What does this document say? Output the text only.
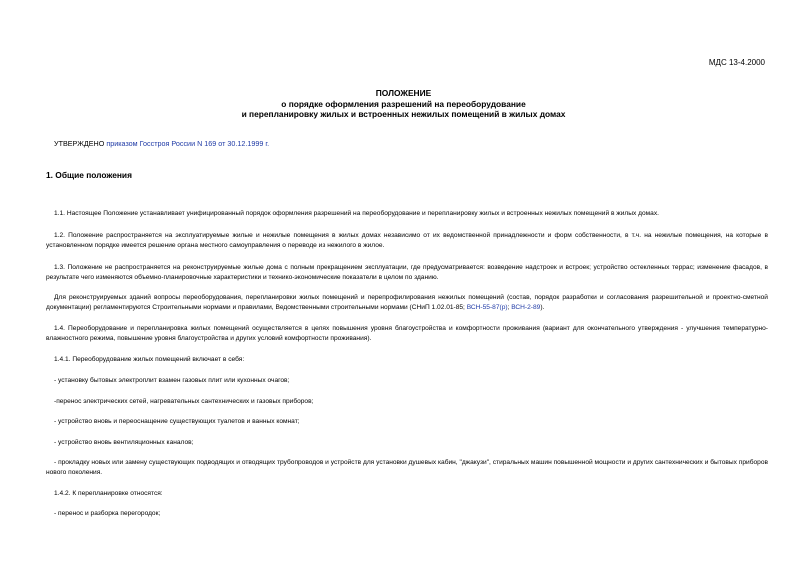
МДС 13-4.2000
ПОЛОЖЕНИЕ
о порядке оформления разрешений на переоборудование
и перепланировку жилых и встроенных нежилых помещений в жилых домах
УТВЕРЖДЕНО приказом Госстроя России N 169 от 30.12.1999 г.
1. Общие положения
1.1. Настоящее Положение устанавливает унифицированный порядок оформления разрешений на переоборудование и перепланировку жилых и встроенных нежилых помещений в жилых домах.
1.2. Положение распространяется на эксплуатируемые жилые и нежилые помещения в жилых домах независимо от их ведомственной принадлежности и форм собственности, в т.ч. на нежилые помещения, на которые в установленном порядке имеется решение органа местного самоуправления о переводе из нежилого в жилое.
1.3. Положение не распространяется на реконструируемые жилые дома с полным прекращением эксплуатации, где предусматривается: возведение надстроек и встроек; устройство остекленных террас; изменение фасадов, в результате чего изменяются объемно-планировочные характеристики и технико-экономические показатели в целом по зданию.
Для реконструируемых зданий вопросы переоборудования, перепланировки жилых помещений и перепрофилирования нежилых помещений (состав, порядок разработки и согласования разрешительной и проектно-сметной документации) регламентируются Строительными нормами и правилами, Ведомственными строительными нормами (СНиП 1.02.01-85; ВСН-55-87(р); ВСН-2-89).
1.4. Переоборудование и перепланировка жилых помещений осуществляется в целях повышения уровня благоустройства и комфортности проживания (вариант для окончательного утверждения - улучшения температурно-влажностного режима, повышение уровня благоустройства и других условий комфортности проживания).
1.4.1. Переоборудование жилых помещений включает в себя:
- установку бытовых электроплит взамен газовых плит или кухонных очагов;
-перенос электрических сетей, нагревательных сантехнических и газовых приборов;
- устройство вновь и переоснащение существующих туалетов и ванных комнат;
- устройство вновь вентиляционных каналов;
- прокладку новых или замену существующих подводящих и отводящих трубопроводов и устройств для установки душевых кабин, "джакузи", стиральных машин повышенной мощности и других сантехнических и бытовых приборов нового поколения.
1.4.2. К перепланировке относятся:
- перенос и разборка перегородок;
